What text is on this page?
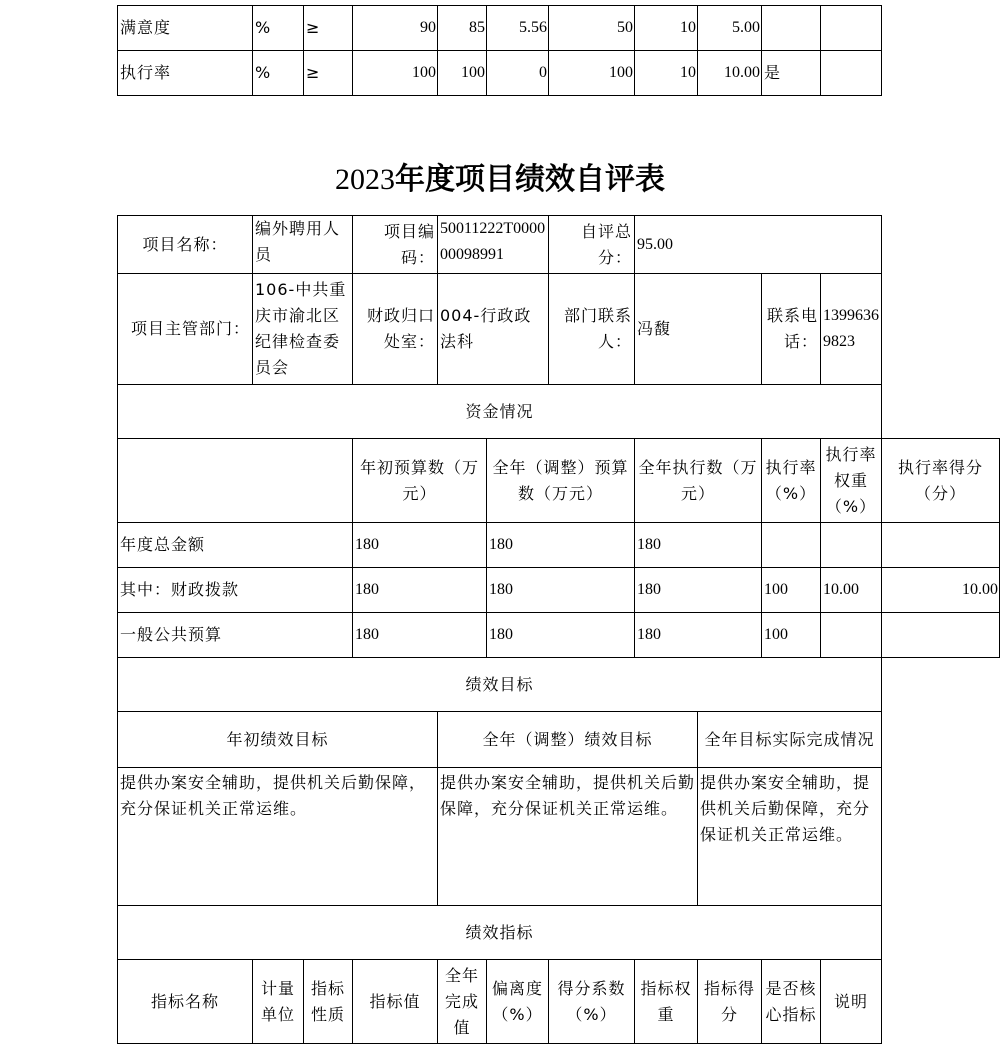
满意度	%	≥	90	85	5.56	50	10	5.00		
执行率	%	≥	100	100	0	100	10	10.00	是	
2023年度项目绩效自评表
项目名称：	编外聘用人员		项目编码：	50011222T000000098991		自评总分：	95.00				
项目主管部门：	106-中共重庆市渝北区纪律检查委员会		财政归口处室：	004-行政政法科		部门联系人：	冯馥		联系电话：	13996369823	
资金情况											
			年初预算数（万元）		全年（调整）预算数（万元）		全年执行数（万元）		执行率（%）	执行率权重（%）	执行率得分（分）
年度总金额			180		180		180				
其中：财政拨款			180		180		180		100	10.00	10.00
一般公共预算			180		180		180		100		
绩效目标											
年初绩效目标				全年（调整）绩效目标				全年目标实际完成情况			
提供办案安全辅助，提供机关后勤保障，充分保证机关正常运维。				提供办案安全辅助，提供机关后勤保障，充分保证机关正常运维。				提供办案安全辅助，提供机关后勤保障，充分保证机关正常运维。			
绩效指标											
指标名称	计量单位	指标性质	指标值	全年完成值	偏离度（%）	得分系数（%）	指标权重	指标得分	是否核心指标	说明	
